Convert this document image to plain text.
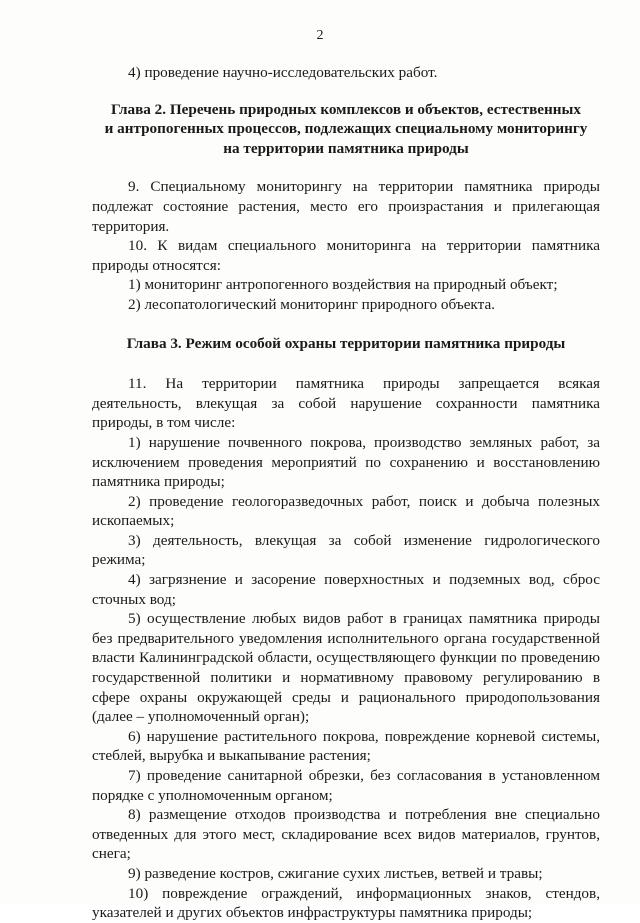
2

4) проведение научно-исследовательских работ.

Глава 2. Перечень природных комплексов и объектов, естественных
и антропогенных процессов, подлежащих специальному мониторингу
на территории памятника природы

9. Специальному мониторингу на территории памятника природы подлежат состояние растения, место его произрастания и прилегающая территория.

10. К видам специального мониторинга на территории памятника природы относятся:

1) мониторинг антропогенного воздействия на природный объект;

2) лесопатологический мониторинг природного объекта.

Глава 3. Режим особой охраны территории памятника природы

11. На территории памятника природы запрещается всякая деятельность, влекущая за собой нарушение сохранности памятника природы, в том числе:

1) нарушение почвенного покрова, производство земляных работ, за исключением проведения мероприятий по сохранению и восстановлению памятника природы;

2) проведение геологоразведочных работ, поиск и добыча полезных ископаемых;

3) деятельность, влекущая за собой изменение гидрологического режима;

4) загрязнение и засорение поверхностных и подземных вод, сброс сточных вод;

5) осуществление любых видов работ в границах памятника природы без предварительного уведомления исполнительного органа государственной власти Калининградской области, осуществляющего функции по проведению государственной политики и нормативному правовому регулированию в сфере охраны окружающей среды и рационального природопользования (далее – уполномоченный орган);

6) нарушение растительного покрова, повреждение корневой системы, стеблей, вырубка и выкапывание растения;

7) проведение санитарной обрезки, без согласования в установленном порядке с уполномоченным органом;

8) размещение отходов производства и потребления вне специально отведенных для этого мест, складирование всех видов материалов, грунтов, снега;

9) разведение костров, сжигание сухих листьев, ветвей и травы;

10) повреждение ограждений, информационных знаков, стендов, указателей и других объектов инфраструктуры памятника природы;
